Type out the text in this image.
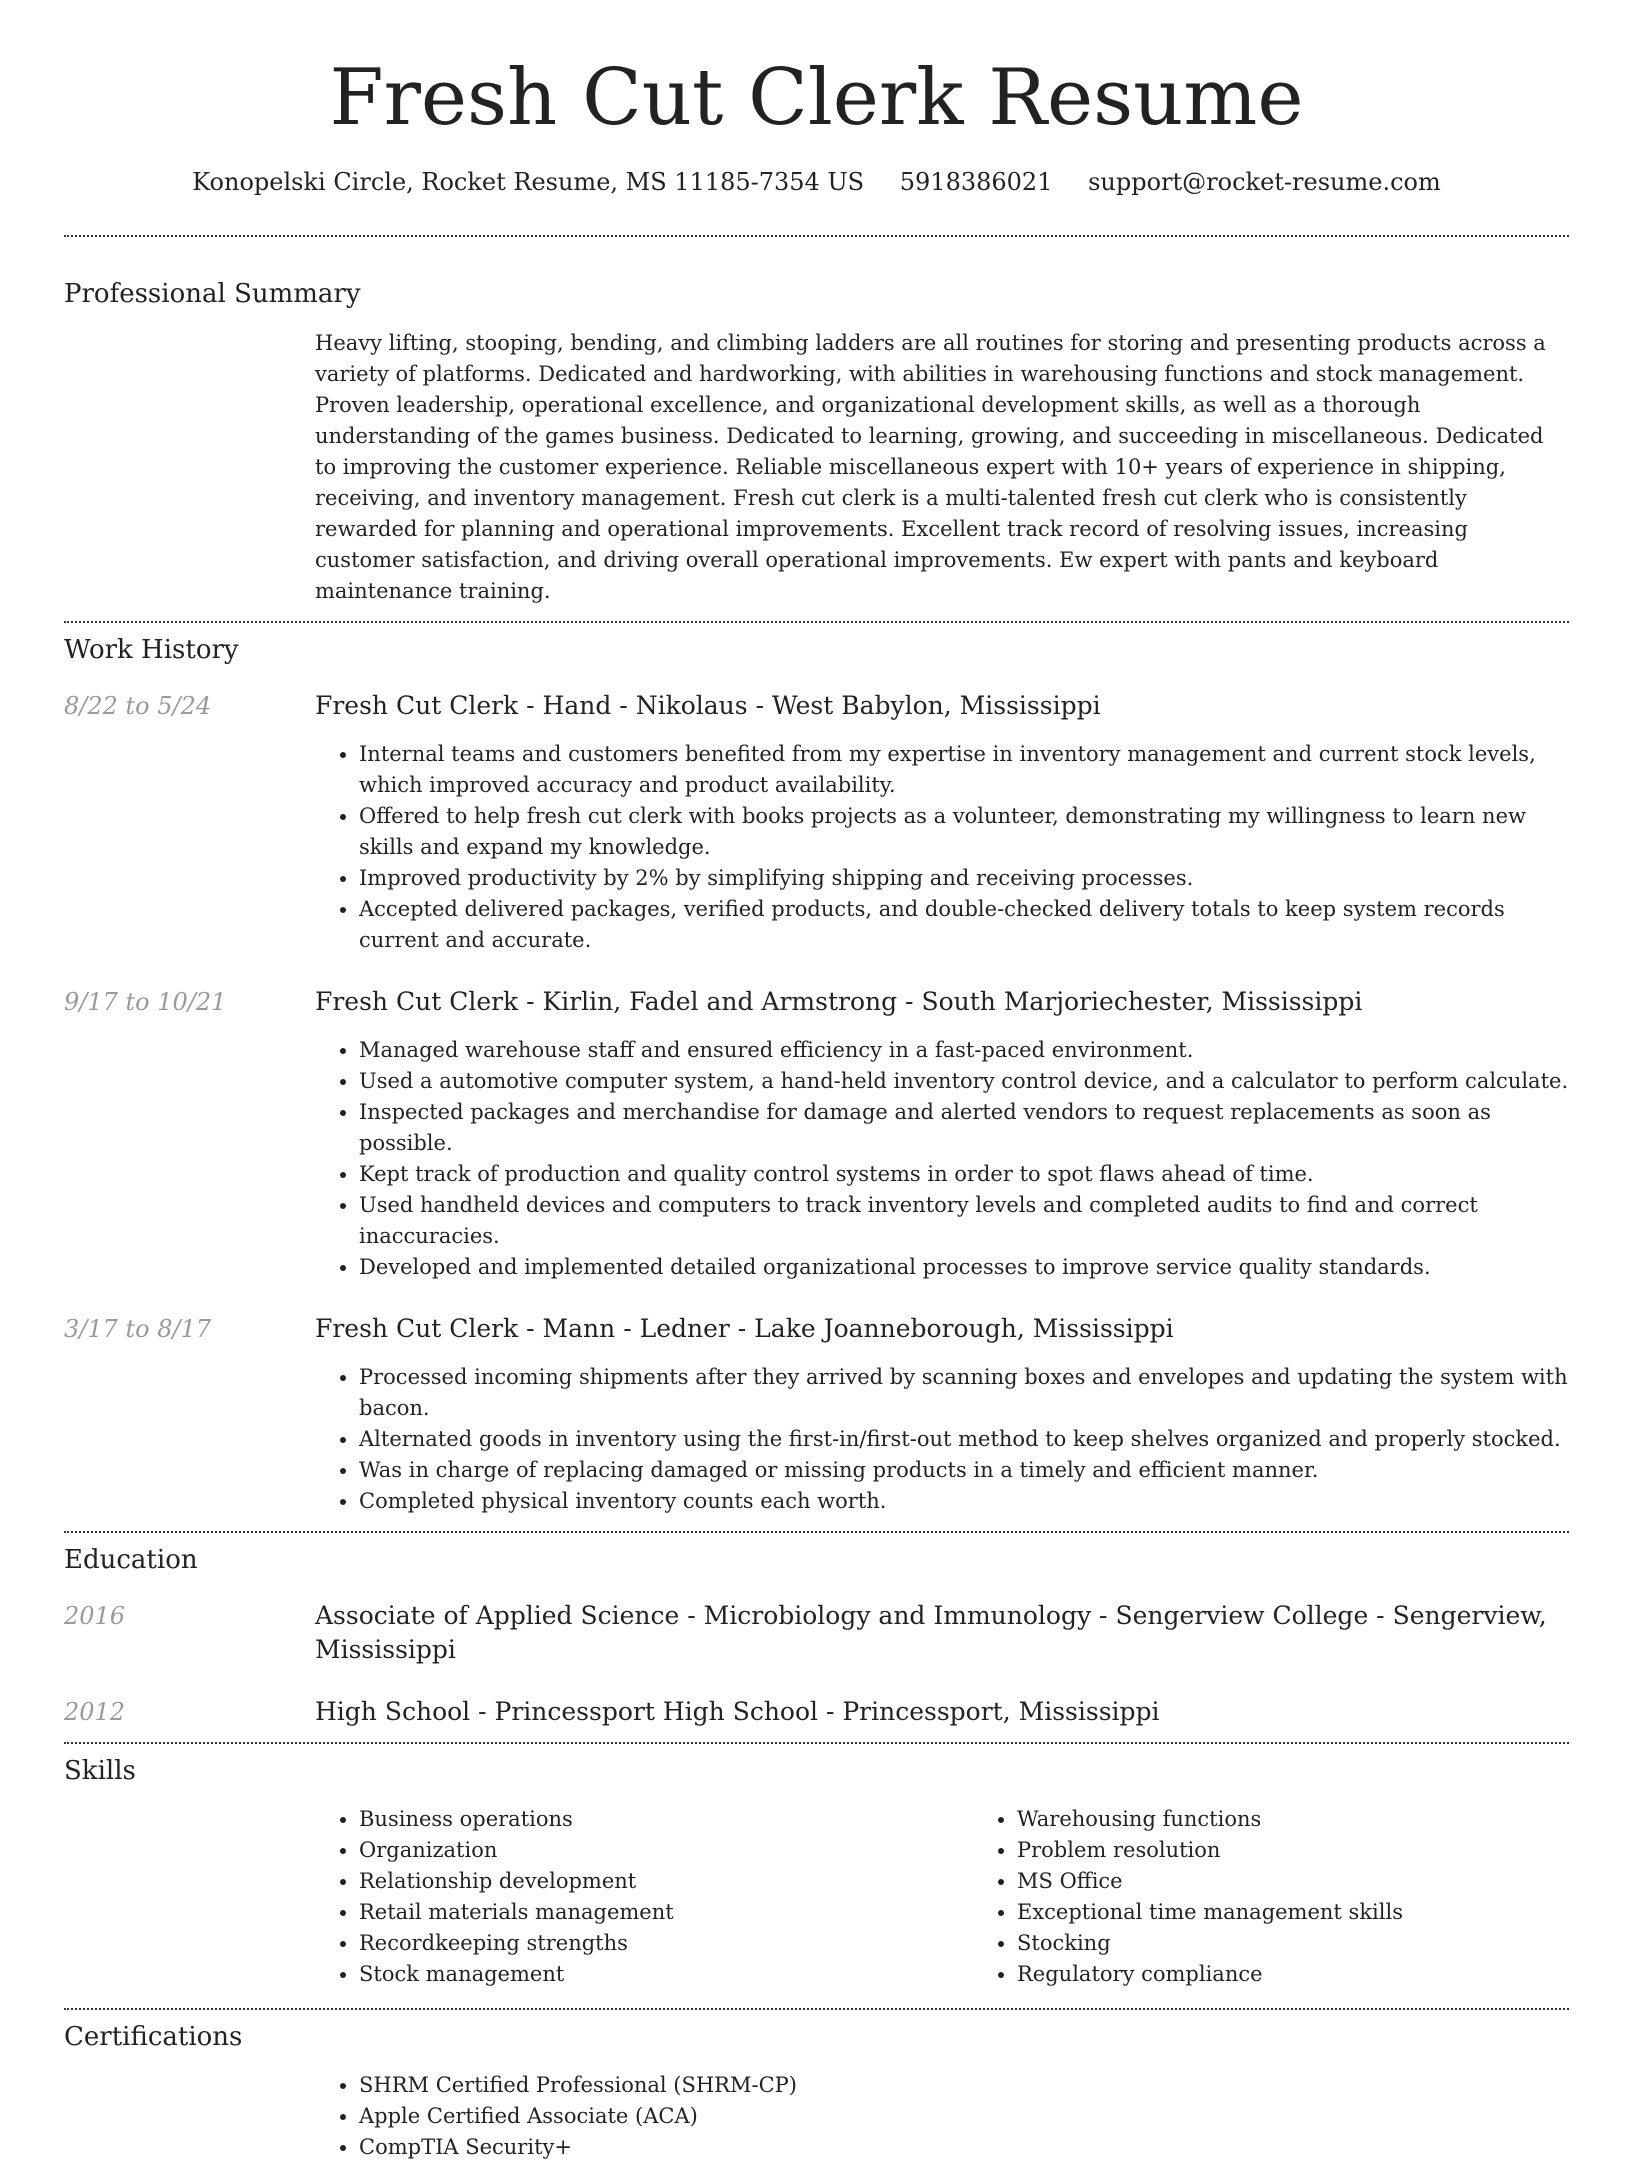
Fresh Cut Clerk Resume
Konopelski Circle, Rocket Resume, MS 11185-7354 US 5918386021 support@rocket-resume.com
Professional Summary
Heavy lifting, stooping, bending, and climbing ladders are all routines for storing and presenting products across a variety of platforms. Dedicated and hardworking, with abilities in warehousing functions and stock management. Proven leadership, operational excellence, and organizational development skills, as well as a thorough understanding of the games business. Dedicated to learning, growing, and succeeding in miscellaneous. Dedicated to improving the customer experience. Reliable miscellaneous expert with 10+ years of experience in shipping, receiving, and inventory management. Fresh cut clerk is a multi-talented fresh cut clerk who is consistently rewarded for planning and operational improvements. Excellent track record of resolving issues, increasing customer satisfaction, and driving overall operational improvements. Ew expert with pants and keyboard maintenance training.
Work History
8/22 to 5/24	Fresh Cut Clerk - Hand - Nikolaus - West Babylon, Mississippi
• Internal teams and customers benefited from my expertise in inventory management and current stock levels, which improved accuracy and product availability.
• Offered to help fresh cut clerk with books projects as a volunteer, demonstrating my willingness to learn new skills and expand my knowledge.
• Improved productivity by 2% by simplifying shipping and receiving processes.
• Accepted delivered packages, verified products, and double-checked delivery totals to keep system records current and accurate.
9/17 to 10/21	Fresh Cut Clerk - Kirlin, Fadel and Armstrong - South Marjoriechester, Mississippi
• Managed warehouse staff and ensured efficiency in a fast-paced environment.
• Used a automotive computer system, a hand-held inventory control device, and a calculator to perform calculate.
• Inspected packages and merchandise for damage and alerted vendors to request replacements as soon as possible.
• Kept track of production and quality control systems in order to spot flaws ahead of time.
• Used handheld devices and computers to track inventory levels and completed audits to find and correct inaccuracies.
• Developed and implemented detailed organizational processes to improve service quality standards.
3/17 to 8/17	Fresh Cut Clerk - Mann - Ledner - Lake Joanneborough, Mississippi
• Processed incoming shipments after they arrived by scanning boxes and envelopes and updating the system with bacon.
• Alternated goods in inventory using the first-in/first-out method to keep shelves organized and properly stocked.
• Was in charge of replacing damaged or missing products in a timely and efficient manner.
• Completed physical inventory counts each worth.
Education
2016	Associate of Applied Science - Microbiology and Immunology - Sengerview College - Sengerview, Mississippi
2012	High School - Princessport High School - Princessport, Mississippi
Skills
• Business operations
• Organization
• Relationship development
• Retail materials management
• Recordkeeping strengths
• Stock management
• Warehousing functions
• Problem resolution
• MS Office
• Exceptional time management skills
• Stocking
• Regulatory compliance
Certifications
• SHRM Certified Professional (SHRM-CP)
• Apple Certified Associate (ACA)
• CompTIA Security+
